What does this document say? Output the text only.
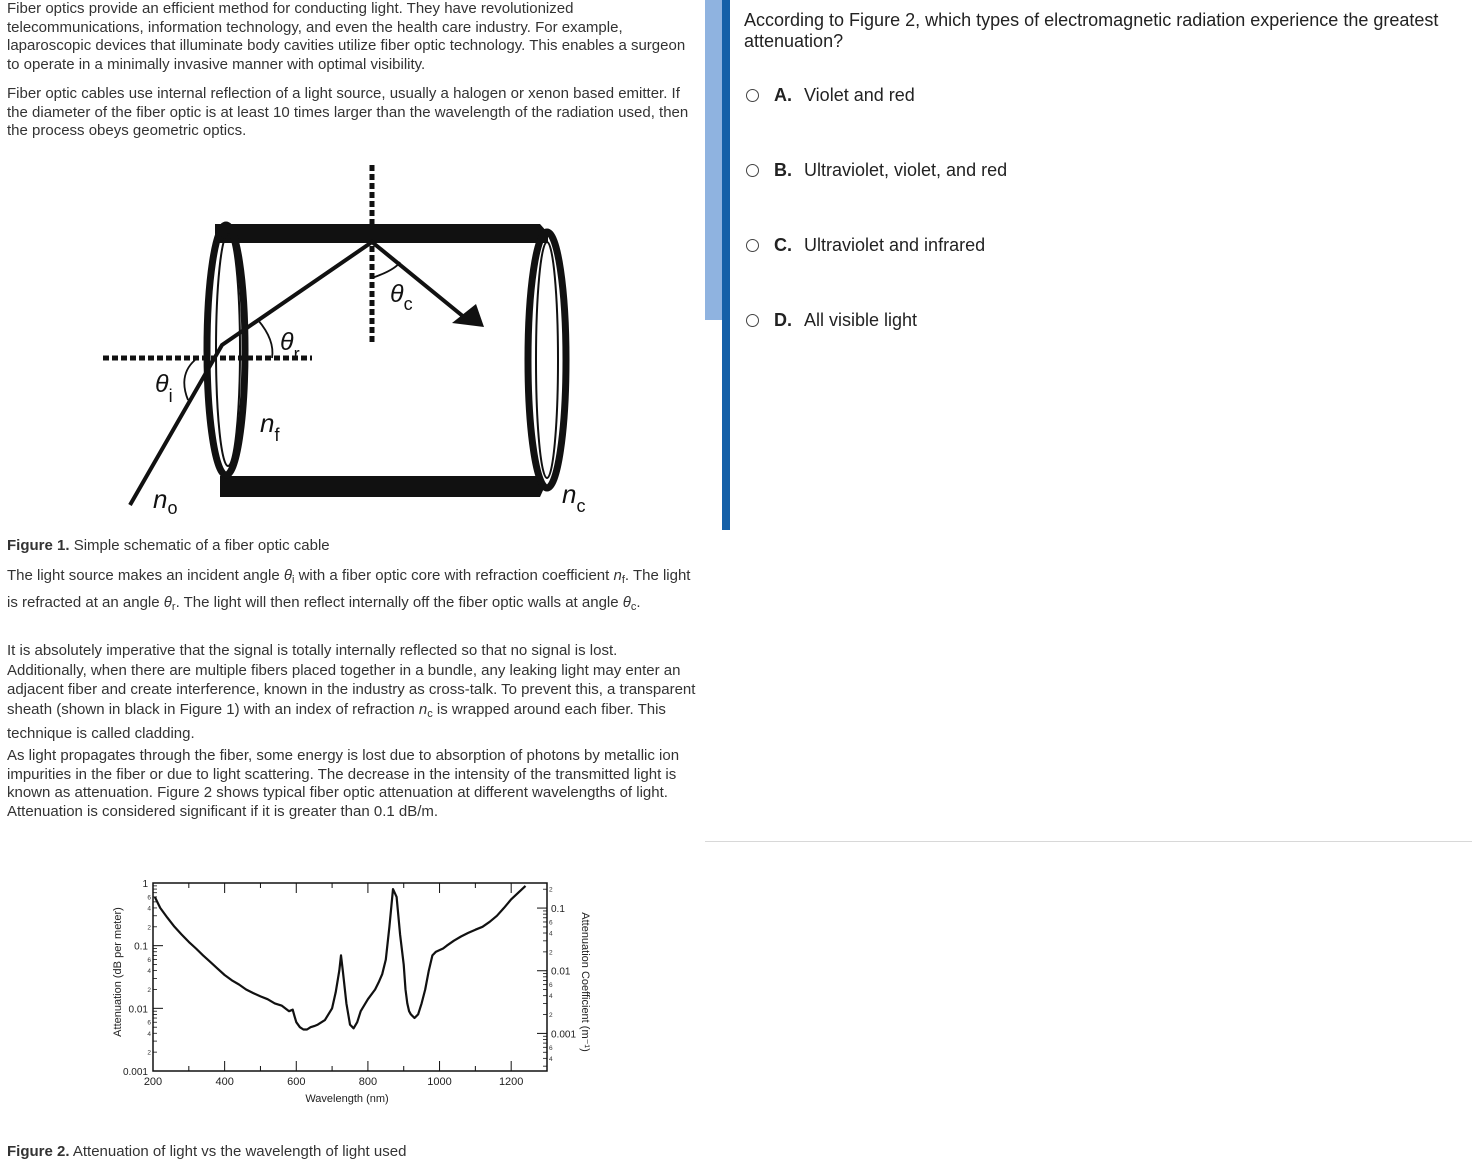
Fiber optics provide an efficient method for conducting light. They have revolutionized telecommunications, information technology, and even the health care industry. For example, laparoscopic devices that illuminate body cavities utilize fiber optic technology. This enables a surgeon to operate in a minimally invasive manner with optimal visibility.

Fiber optic cables use internal reflection of a light source, usually a halogen or xenon based emitter. If the diameter of the fiber optic is at least 10 times larger than the wavelength of the radiation used, then the process obeys geometric optics.

$\theta_i$
$\theta_r$
$\theta_c$
$n_f$
$n_o$	$n_c$

Figure 1. Simple schematic of a fiber optic cable

The light source makes an incident angle $\theta_i$ with a fiber optic core with refraction coefficient $n_f$. The light is refracted at an angle $\theta_r$. The light will then reflect internally off the fiber optic walls at angle $\theta_c$.

It is absolutely imperative that the signal is totally internally reflected so that no signal is lost. Additionally, when there are multiple fibers placed together in a bundle, any leaking light may enter an adjacent fiber and create interference, known in the industry as cross-talk. To prevent this, a transparent sheath (shown in black in Figure 1) with an index of refraction $n_c$ is wrapped around each fiber. This technique is called cladding.

As light propagates through the fiber, some energy is lost due to absorption of photons by metallic ion impurities in the fiber or due to light scattering. The decrease in the intensity of the transmitted light is known as attenuation. Figure 2 shows typical fiber optic attenuation at different wavelengths of light. Attenuation is considered significant if it is greater than 0.1 dB/m.

200	400	600	800	1000	1200
0.001
0.01
0.1
1
2
4
6
2
4
6
2
4
6
0.001
0.01
0.1
4
6
2
4
6
2
4
6
2
Wavelength (nm)
Attenuation (dB per meter)	Attenuation Coefficient (m⁻¹)

Figure 2. Attenuation of light vs the wavelength of light used

According to Figure 2, which types of electromagnetic radiation experience the greatest attenuation?

A. Violet and red
B. Ultraviolet, violet, and red
C. Ultraviolet and infrared
D. All visible light
